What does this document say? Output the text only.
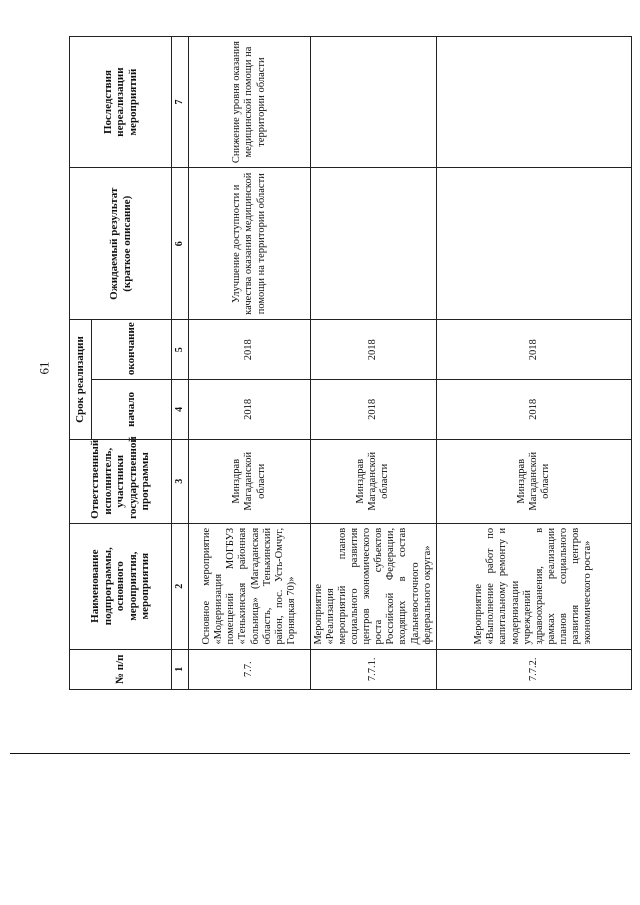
61
№ п/п	Наименование подпрограммы, основного мероприятия, мероприятия	Ответственный исполнитель, участники государственной программы	Срок реализации		Ожидаемый результат (краткое описание)	Последствия нереализации мероприятий
			начало	окончание		
1	2	3	4	5	6	7
7.7.	Основное мероприятие «Модернизация помещений МОГБУЗ «Тенькинская районная больница» (Магаданская область, Тенькинский район, пос. Усть-Омчуг, Горняцкая 70)»	Минздрав Магаданской области	2018	2018	Улучшение доступности и качества оказания медицинской помощи на территории области	Снижение уровня оказания медицинской помощи на территории области
7.7.1.	Мероприятие «Реализация мероприятий планов социального развития центров экономического роста субъектов Российской Федерации, входящих в состав Дальневосточного федерального округа»	Минздрав Магаданской области	2018	2018		
7.7.2.	Мероприятие «Выполнение работ по капитальному ремонту и модернизации учреждений здравоохранения, в рамках реализации планов социального развития центров экономического роста»	Минздрав Магаданской области	2018	2018		
